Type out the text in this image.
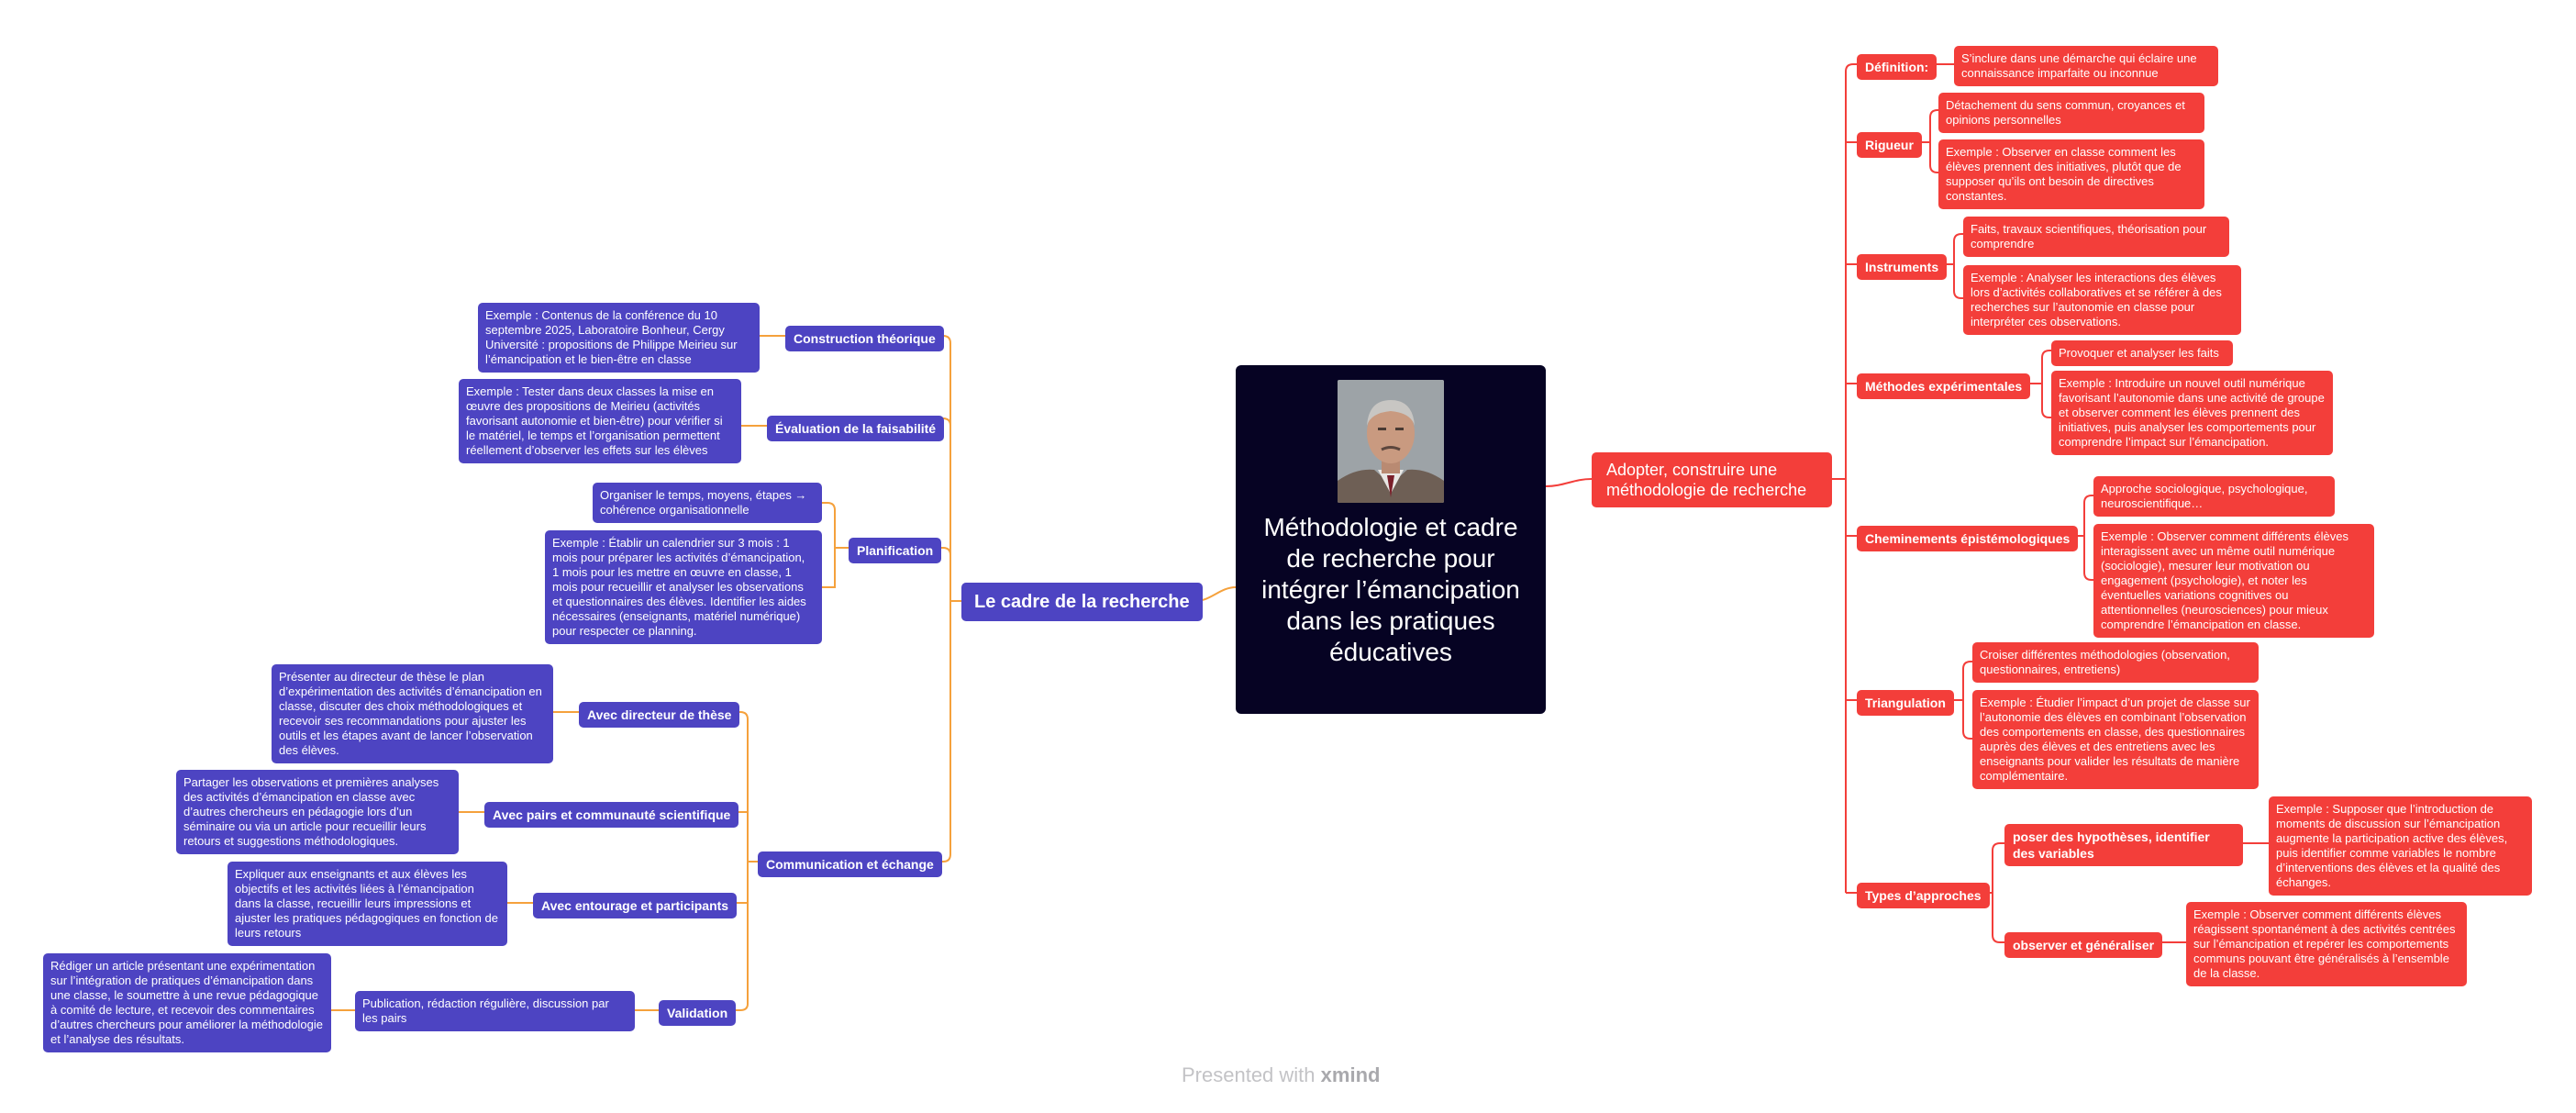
Méthodologie et cadre de recherche pour intégrer l’émancipation dans les pratiques éducatives
Le cadre de la recherche
Construction théorique
Exemple : Contenus de la conférence du 10 septembre 2025, Laboratoire Bonheur, Cergy Université : propositions de Philippe Meirieu sur l’émancipation et le bien-être en classe
Évaluation de la faisabilité
Exemple : Tester dans deux classes la mise en œuvre des propositions de Meirieu (activités favorisant autonomie et bien-être) pour vérifier si le matériel, le temps et l’organisation permettent réellement d’observer les effets sur les élèves
Planification
Organiser le temps, moyens, étapes → cohérence organisationnelle
Exemple : Établir un calendrier sur 3 mois : 1 mois pour préparer les activités d’émancipation, 1 mois pour les mettre en œuvre en classe, 1 mois pour recueillir et analyser les observations et questionnaires des élèves. Identifier les aides nécessaires (enseignants, matériel numérique) pour respecter ce planning.
Communication et échange
Avec directeur de thèse
Présenter au directeur de thèse le plan d’expérimentation des activités d’émancipation en classe, discuter des choix méthodologiques et recevoir ses recommandations pour ajuster les outils et les étapes avant de lancer l’observation des élèves.
Avec pairs et communauté scientifique
Partager les observations et premières analyses des activités d’émancipation en classe avec d’autres chercheurs en pédagogie lors d’un séminaire ou via un article pour recueillir leurs retours et suggestions méthodologiques.
Avec entourage et participants
Expliquer aux enseignants et aux élèves les objectifs et les activités liées à l’émancipation dans la classe, recueillir leurs impressions et ajuster les pratiques pédagogiques en fonction de leurs retours
Validation
Publication, rédaction régulière, discussion par les pairs
Rédiger un article présentant une expérimentation sur l’intégration de pratiques d’émancipation dans une classe, le soumettre à une revue pédagogique à comité de lecture, et recevoir des commentaires d’autres chercheurs pour améliorer la méthodologie et l’analyse des résultats.
Adopter, construire une méthodologie de recherche
Définition:
S’inclure dans une démarche qui éclaire une connaissance imparfaite ou inconnue
Rigueur
Détachement du sens commun, croyances et opinions personnelles
Exemple : Observer en classe comment les élèves prennent des initiatives, plutôt que de supposer qu’ils ont besoin de directives constantes.
Instruments
Faits, travaux scientifiques, théorisation pour comprendre
Exemple : Analyser les interactions des élèves lors d’activités collaboratives et se référer à des recherches sur l’autonomie en classe pour interpréter ces observations.
Méthodes expérimentales
Provoquer et analyser les faits
Exemple : Introduire un nouvel outil numérique favorisant l’autonomie dans une activité de groupe et observer comment les élèves prennent des initiatives, puis analyser les comportements pour comprendre l’impact sur l’émancipation.
Cheminements épistémologiques
Approche sociologique, psychologique, neuroscientifique…
Exemple : Observer comment différents élèves interagissent avec un même outil numérique (sociologie), mesurer leur motivation ou engagement (psychologie), et noter les éventuelles variations cognitives ou attentionnelles (neurosciences) pour mieux comprendre l’émancipation en classe.
Triangulation
Croiser différentes méthodologies (observation, questionnaires, entretiens)
Exemple : Étudier l’impact d’un projet de classe sur l’autonomie des élèves en combinant l’observation des comportements en classe, des questionnaires auprès des élèves et des entretiens avec les enseignants pour valider les résultats de manière complémentaire.
Types d’approches
poser des hypothèses, identifier des variables
Exemple : Supposer que l’introduction de moments de discussion sur l’émancipation augmente la participation active des élèves, puis identifier comme variables le nombre d’interventions des élèves et la qualité des échanges.
observer et généraliser
Exemple : Observer comment différents élèves réagissent spontanément à des activités centrées sur l’émancipation et repérer les comportements communs pouvant être généralisés à l’ensemble de la classe.
Presented with xmind
